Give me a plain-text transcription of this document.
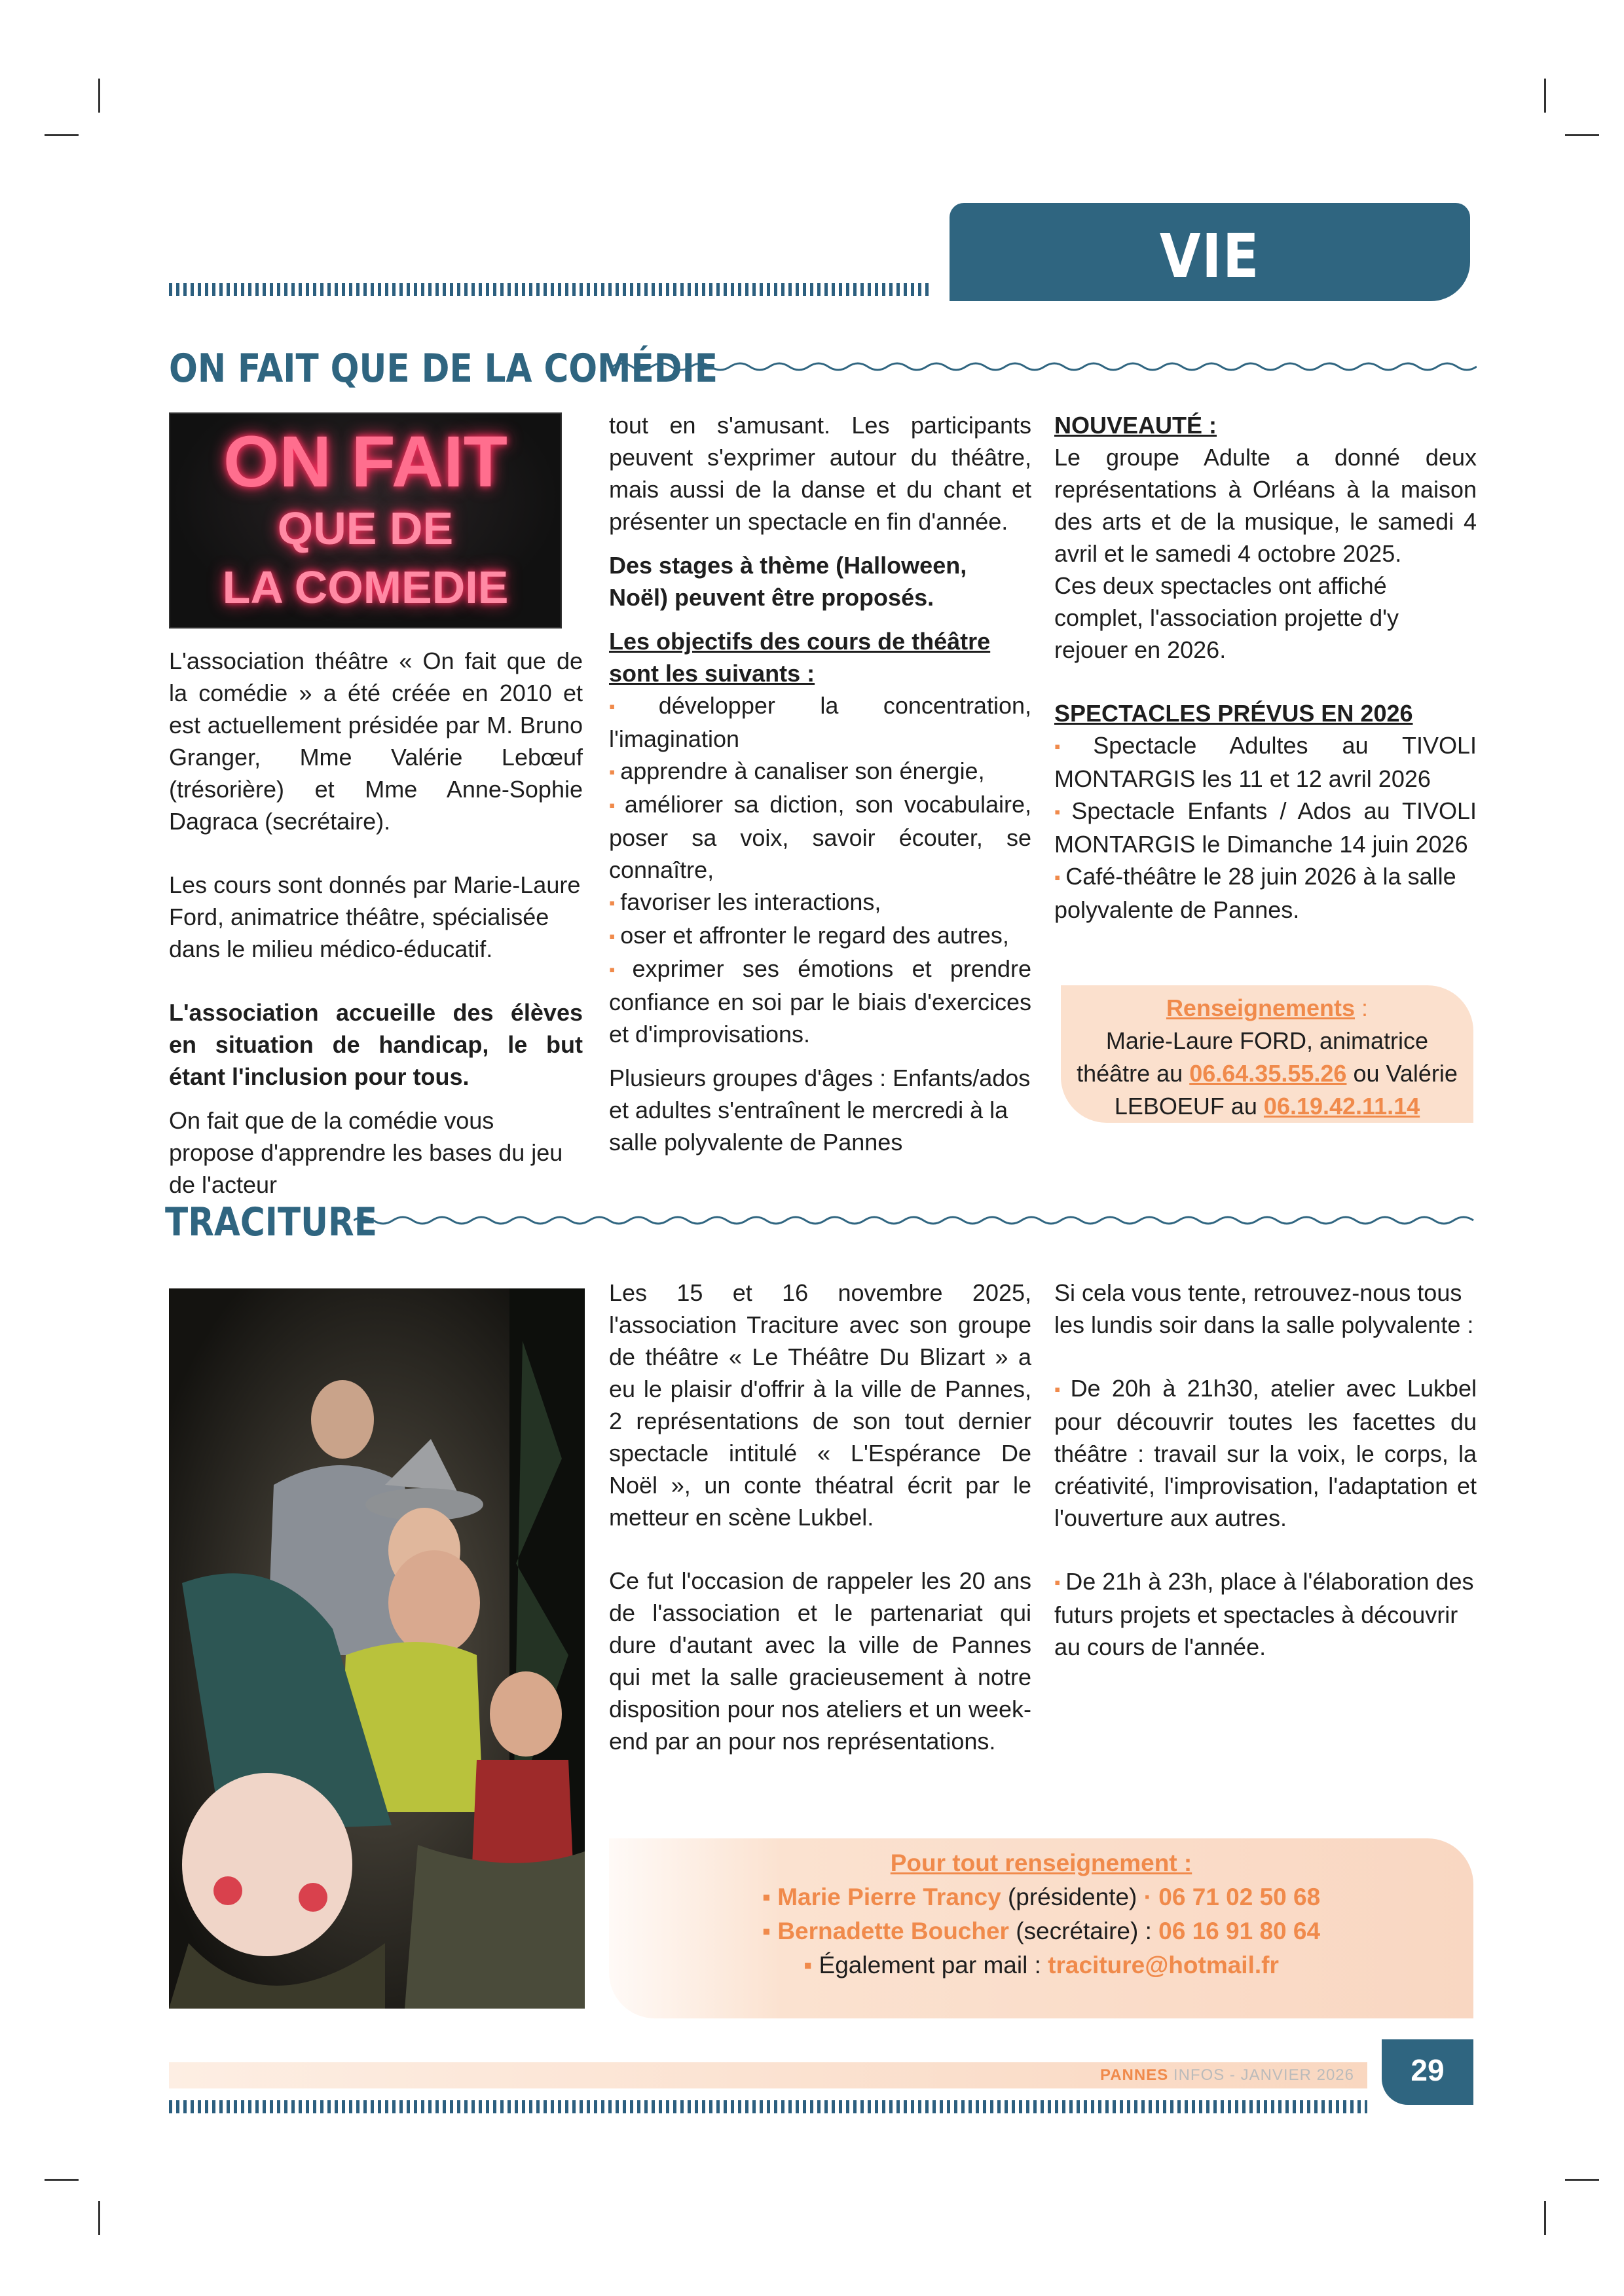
VIE ASSOCIATIVE
ON FAIT QUE DE LA COMÉDIE
ON FAIT
QUE DE
LA COMEDIE

L'association théâtre « On fait que de la comédie » a été créée en 2010 et est actuellement présidée par M. Bruno Granger, Mme Valérie Lebœuf (trésorière) et Mme Anne-Sophie Dagraca (secrétaire).

Les cours sont donnés par Marie-Laure Ford, animatrice théâtre, spécialisée dans le milieu médico-éducatif.

L'association accueille des élèves en situation de handicap, le but étant l'inclusion pour tous.

On fait que de la comédie vous propose d'apprendre les bases du jeu de l'acteur

tout en s'amusant. Les participants peuvent s'exprimer autour du théâtre, mais aussi de la danse et du chant et présenter un spectacle en fin d'année.

Des stages à thème (Halloween, Noël) peuvent être proposés.

Les objectifs des cours de théâtre sont les suivants :

▪ développer la concentration, l'imagination

▪ apprendre à canaliser son énergie,

▪ améliorer sa diction, son vocabulaire, poser sa voix, savoir écouter, se connaître,

▪ favoriser les interactions,

▪ oser et affronter le regard des autres,

▪ exprimer ses émotions et prendre confiance en soi par le biais d'exercices et d'improvisations.

Plusieurs groupes d'âges : Enfants/ados et adultes s'entraînent le mercredi à la salle polyvalente de Pannes

NOUVEAUTÉ :

Le groupe Adulte a donné deux représentations à Orléans à la maison des arts et de la musique, le samedi 4 avril et le samedi 4 octobre 2025.

Ces deux spectacles ont affiché complet, l'association projette d'y rejouer en 2026.

SPECTACLES PRÉVUS EN 2026

▪ Spectacle Adultes au TIVOLI MONTARGIS les 11 et 12 avril 2026

▪ Spectacle Enfants / Ados au TIVOLI MONTARGIS le Dimanche 14 juin 2026

▪ Café-théâtre le 28 juin 2026 à la salle polyvalente de Pannes.

Renseignements :
Marie-Laure FORD, animatrice
théâtre au 06.64.35.55.26 ou Valérie
LEBOEUF au 06.19.42.11.14
TRACITURE

Les 15 et 16 novembre 2025, l'association Traciture avec son groupe de théâtre « Le Théâtre Du Blizart » a eu le plaisir d'offrir à la ville de Pannes, 2 représentations de son tout dernier spectacle intitulé « L'Espérance De Noël », un conte théatral écrit par le metteur en scène Lukbel.

Ce fut l'occasion de rappeler les 20 ans de l'association et le partenariat qui dure d'autant avec la ville de Pannes qui met la salle gracieusement à notre disposition pour nos ateliers et un week-end par an pour nos représentations.

Si cela vous tente, retrouvez-nous tous les lundis soir dans la salle polyvalente :

▪ De 20h à 21h30, atelier avec Lukbel pour découvrir toutes les facettes du théâtre : travail sur la voix, le corps, la créativité, l'improvisation, l'adaptation et l'ouverture aux autres.

▪ De 21h à 23h, place à l'élaboration des futurs projets et spectacles à découvrir au cours de l'année.

Pour tout renseignement :
▪ Marie Pierre Trancy (présidente) · 06 71 02 50 68
▪ Bernadette Boucher (secrétaire) : 06 16 91 80 64
▪ Également par mail : traciture@hotmail.fr
PANNES INFOS - JANVIER 2026	29
